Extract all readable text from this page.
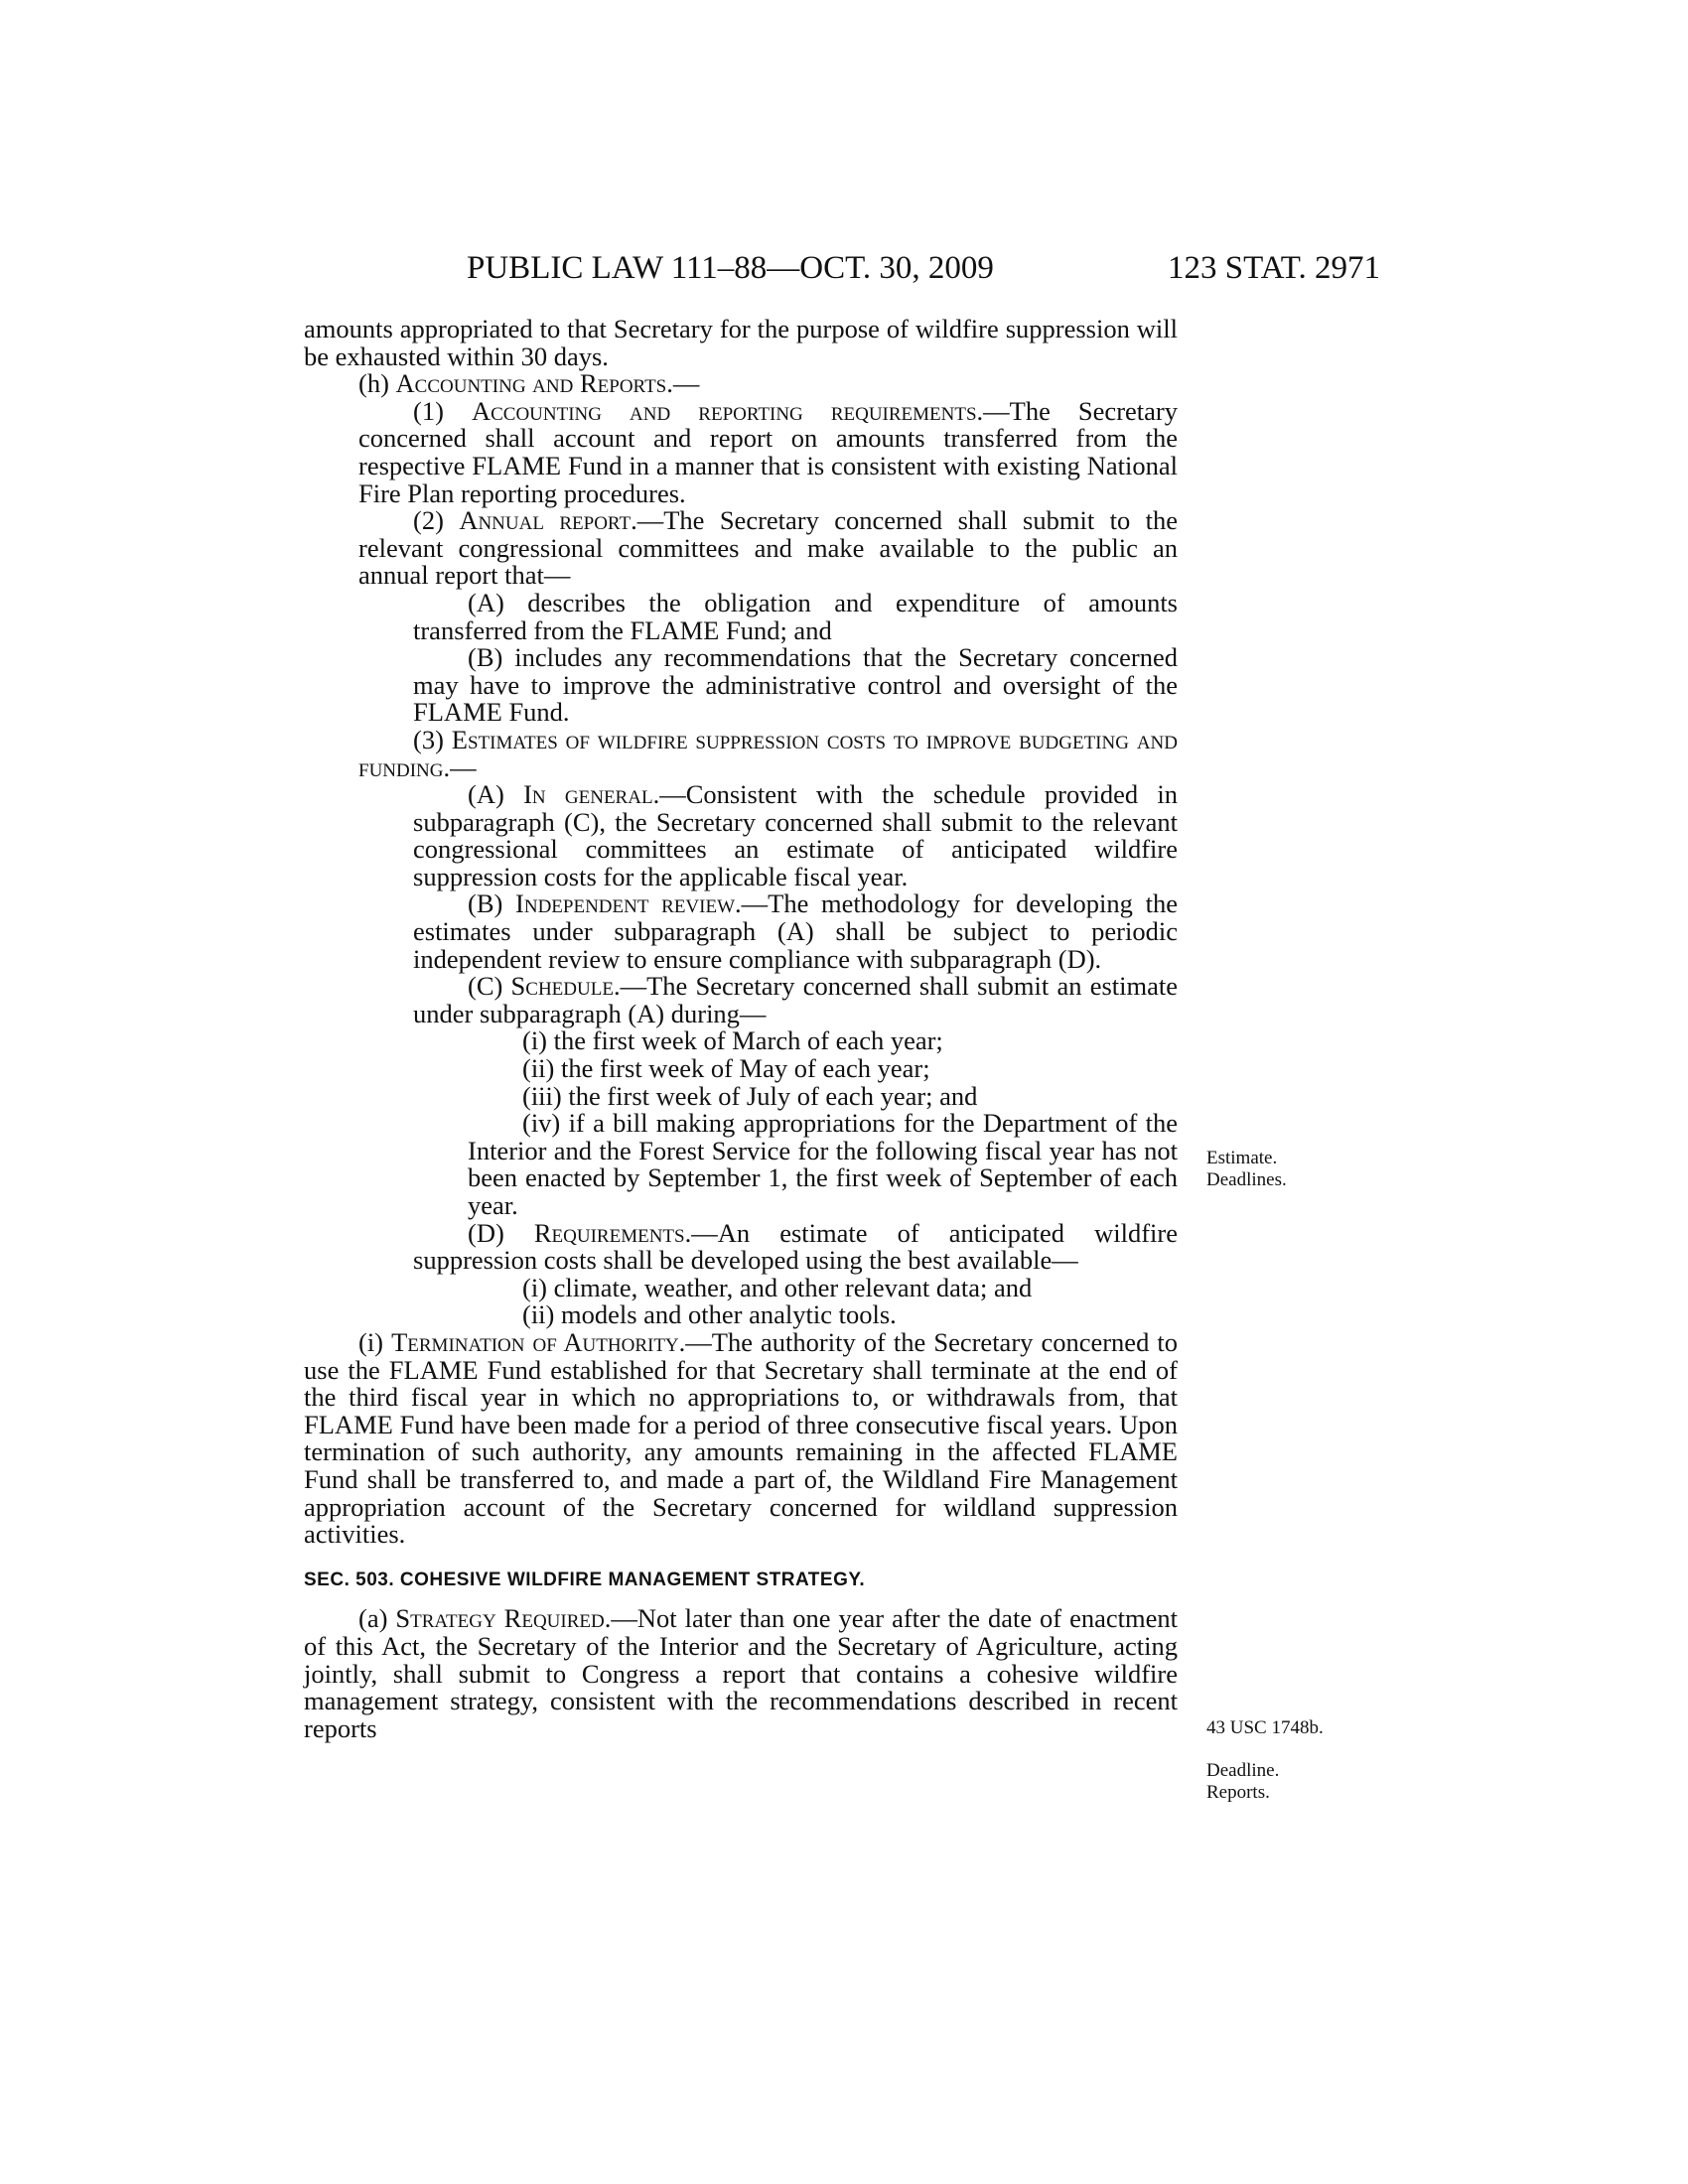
PUBLIC LAW 111–88—OCT. 30, 2009	123 STAT. 2971

amounts appropriated to that Secretary for the purpose of wildfire suppression will be exhausted within 30 days.

(h) Accounting and Reports.—

(1) Accounting and reporting requirements.—The Secretary concerned shall account and report on amounts transferred from the respective FLAME Fund in a manner that is consistent with existing National Fire Plan reporting procedures.

(2) Annual report.—The Secretary concerned shall submit to the relevant congressional committees and make available to the public an annual report that—

(A) describes the obligation and expenditure of amounts transferred from the FLAME Fund; and

(B) includes any recommendations that the Secretary concerned may have to improve the administrative control and oversight of the FLAME Fund.

(3) Estimates of wildfire suppression costs to improve budgeting and funding.—

(A) In general.—Consistent with the schedule provided in subparagraph (C), the Secretary concerned shall submit to the relevant congressional committees an estimate of anticipated wildfire suppression costs for the applicable fiscal year.

(B) Independent review.—The methodology for developing the estimates under subparagraph (A) shall be subject to periodic independent review to ensure compliance with subparagraph (D).

(C) Schedule.—The Secretary concerned shall submit an estimate under subparagraph (A) during—

(i) the first week of March of each year;

(ii) the first week of May of each year;

(iii) the first week of July of each year; and

(iv) if a bill making appropriations for the Department of the Interior and the Forest Service for the following fiscal year has not been enacted by September 1, the first week of September of each year.

(D) Requirements.—An estimate of anticipated wildfire suppression costs shall be developed using the best available—

(i) climate, weather, and other relevant data; and

(ii) models and other analytic tools.

(i) Termination of Authority.—The authority of the Secretary concerned to use the FLAME Fund established for that Secretary shall terminate at the end of the third fiscal year in which no appropriations to, or withdrawals from, that FLAME Fund have been made for a period of three consecutive fiscal years. Upon termination of such authority, any amounts remaining in the affected FLAME Fund shall be transferred to, and made a part of, the Wildland Fire Management appropriation account of the Secretary concerned for wildland suppression activities.

SEC. 503. COHESIVE WILDFIRE MANAGEMENT STRATEGY.

(a) Strategy Required.—Not later than one year after the date of enactment of this Act, the Secretary of the Interior and the Secretary of Agriculture, acting jointly, shall submit to Congress a report that contains a cohesive wildfire management strategy, consistent with the recommendations described in recent reports

Estimate.
Deadlines.
43 USC 1748b.
Deadline.
Reports.
